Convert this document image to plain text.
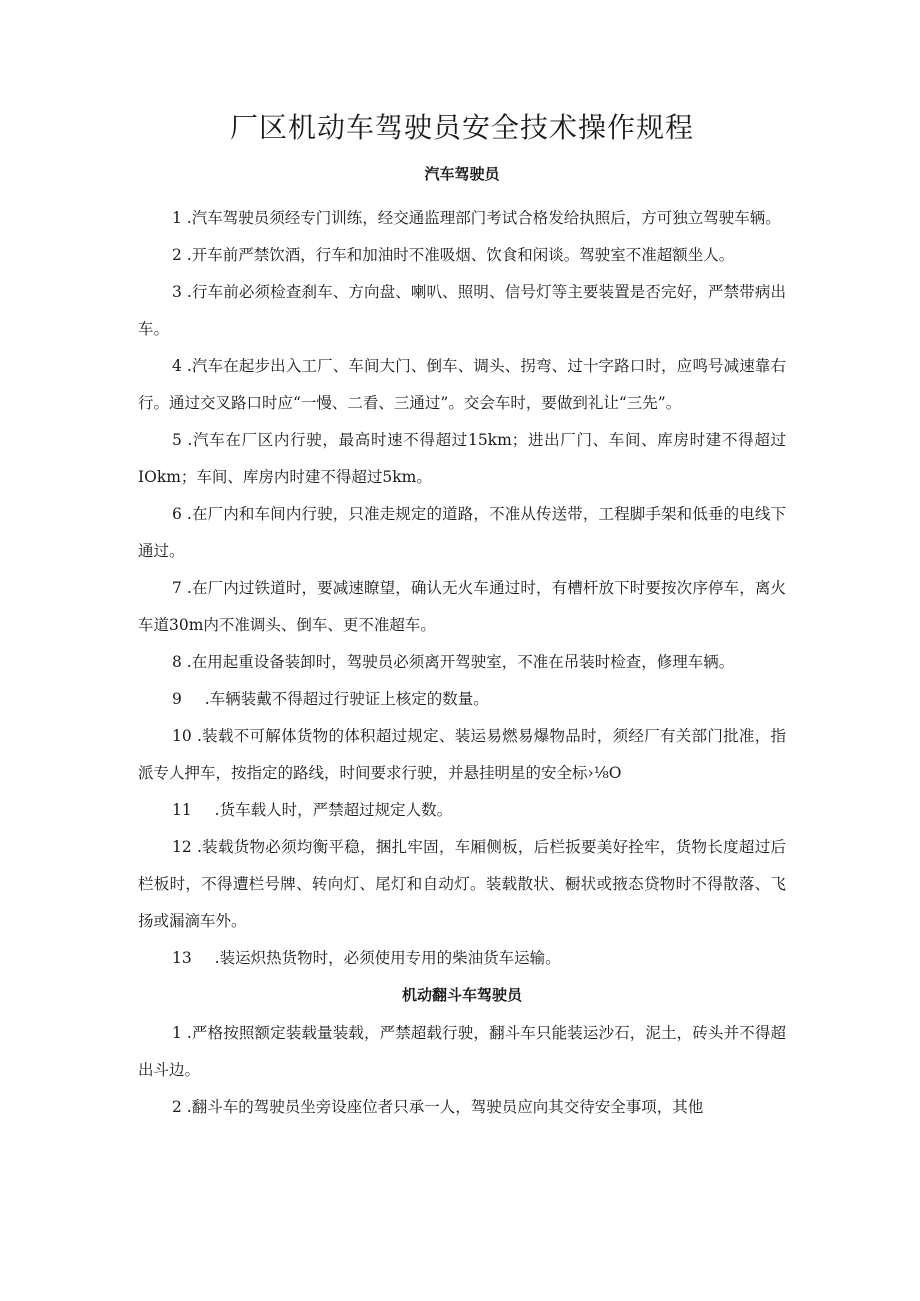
厂区机动车驾驶员安全技术操作规程
汽车驾驶员

1 .汽车驾驶员须经专门训练，经交通监理部门考试合格发给执照后，方可独立驾驶车辆。

2 .开车前严禁饮酒，行车和加油时不准吸烟、饮食和闲谈。驾驶室不准超额坐人。

3 .行车前必须检查刹车、方向盘、喇叭、照明、信号灯等主要装置是否完好，严禁带病出车。

4 .汽车在起步出入工厂、车间大门、倒车、调头、拐弯、过十字路口时，应鸣号减速靠右行。通过交叉路口时应“一慢、二看、三通过”。交会车时，要做到礼让“三先”。

5 .汽车在厂区内行驶，最高时速不得超过15km；进出厂门、车间、库房时建不得超过IOkm；车间、库房内时建不得超过5km。

6 .在厂内和车间内行驶，只准走规定的道路，不准从传送带，工程脚手架和低垂的电线下通过。

7 .在厂内过铁道时，要减速瞭望，确认无火车通过时，有槽杆放下时要按次序停车，离火车道30m内不准调头、倒车、更不准超车。

8 .在用起重设备装卸时，驾驶员必须离开驾驶室，不准在吊装时检查，修理车辆。

9 .车辆装戴不得超过行驶证上核定的数量。

10 .装载不可解体货物的体积超过规定、装运易燃易爆物品时，须经厂有关部门批准，指派专人押车，按指定的路线，时间要求行驶，并悬挂明星的安全标›⅛O

11 .货车载人时，严禁超过规定人数。

12 .装载货物必须均衡平稳，捆扎牢固，车厢侧板，后栏扳要美好拴牢，货物长度超过后栏板时，不得遭栏号牌、转向灯、尾灯和自动灯。装载散状、橱状或掖态贷物时不得散落、飞扬或漏滴车外。

13 .装运炽热货物时，必须使用专用的柴油货车运输。

机动翻斗车驾驶员

1 .严格按照额定装载量装载，严禁超载行驶，翻斗车只能装运沙石，泥土，砖头并不得超出斗边。

2 .翻斗车的驾驶员坐旁设座位者只承一人，驾驶员应向其交待安全事项，其他
